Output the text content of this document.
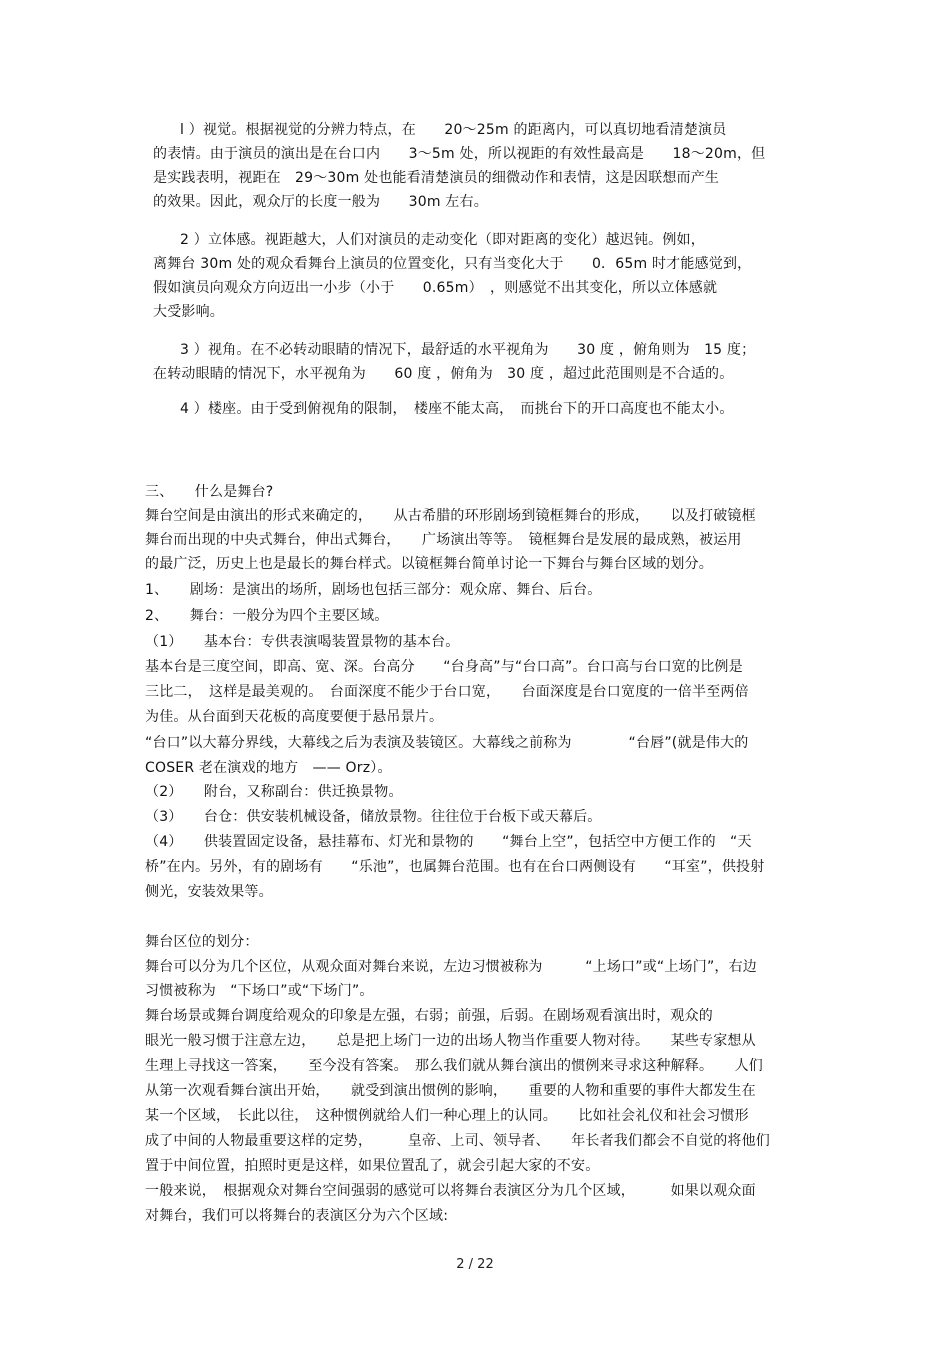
l ）视觉。根据视觉的分辨力特点，在　　20～25m 的距离内，可以真切地看清楚演员
的表情。由于演员的演出是在台口内　　3～5m 处，所以视距的有效性最高是　　18～20m，但
是实践表明，视距在　29～30m 处也能看清楚演员的细微动作和表情，这是因联想而产生
的效果。因此，观众厅的长度一般为　　30m 左右。
2 ）立体感。视距越大，人们对演员的走动变化（即对距离的变化）越迟钝。例如，
离舞台 30m 处的观众看舞台上演员的位置变化，只有当变化大于　　0．65m 时才能感觉到，
假如演员向观众方向迈出一小步（小于　　0.65m）　，则感觉不出其变化，所以立体感就
大受影响。
3 ）视角。在不必转动眼睛的情况下，最舒适的水平视角为　　30 度 ，俯角则为　15 度；
在转动眼睛的情况下，水平视角为　　60 度 ，俯角为　30 度 ，超过此范围则是不合适的。
4 ）楼座。由于受到俯视角的限制，　楼座不能太高，　而挑台下的开口高度也不能太小。
三、　　什么是舞台?
舞台空间是由演出的形式来确定的，　　从古希腊的环形剧场到镜框舞台的形成，　　以及打破镜框
舞台而出现的中央式舞台，伸出式舞台，　　广场演出等等。　镜框舞台是发展的最成熟，被运用
的最广泛，历史上也是最长的舞台样式。以镜框舞台简单讨论一下舞台与舞台区域的划分。
1、　　剧场：是演出的场所，剧场也包括三部分：观众席、舞台、后台。
2、　　舞台：一般分为四个主要区域。
（1）　　基本台：专供表演喝装置景物的基本台。
基本台是三度空间，即高、宽、深。台高分　　“台身高”与“台口高”。台口高与台口宽的比例是
三比二，　这样是最美观的。　台面深度不能少于台口宽，　　台面深度是台口宽度的一倍半至两倍
为佳。从台面到天花板的高度要便于悬吊景片。
“台口”以大幕分界线，大幕线之后为表演及装镜区。大幕线之前称为　　　　“台唇”(就是伟大的
COSER 老在演戏的地方　—— Orz）。
（2）　　附台，又称副台：供迁换景物。
（3）　　台仓：供安装机械设备，储放景物。往往位于台板下或天幕后。
（4）　　供装置固定设备，悬挂幕布、灯光和景物的　　“舞台上空”，包括空中方便工作的　“天
桥”在内。另外，有的剧场有　　“乐池”，也属舞台范围。也有在台口两侧设有　　“耳室”，供投射
侧光，安装效果等。
舞台区位的划分：
舞台可以分为几个区位，从观众面对舞台来说，左边习惯被称为　　　“上场口”或“上场门”，右边
习惯被称为　“下场口”或“下场门”。
舞台场景或舞台调度给观众的印象是左强，右弱；前强，后弱。在剧场观看演出时，观众的
眼光一般习惯于注意左边，　　总是把上场门一边的出场人物当作重要人物对待。　　某些专家想从
生理上寻找这一答案，　　至今没有答案。　那么我们就从舞台演出的惯例来寻求这种解释。　　人们
从第一次观看舞台演出开始，　　就受到演出惯例的影响，　　重要的人物和重要的事件大都发生在
某一个区域，　长此以往，　这种惯例就给人们一种心理上的认同。　　比如社会礼仪和社会习惯形
成了中间的人物最重要这样的定势，　　　皇帝、上司、领导者、　　年长者我们都会不自觉的将他们
置于中间位置，拍照时更是这样，如果位置乱了，就会引起大家的不安。
一般来说，　根据观众对舞台空间强弱的感觉可以将舞台表演区分为几个区域，　　　如果以观众面
对舞台，我们可以将舞台的表演区分为六个区域:
2 / 22
